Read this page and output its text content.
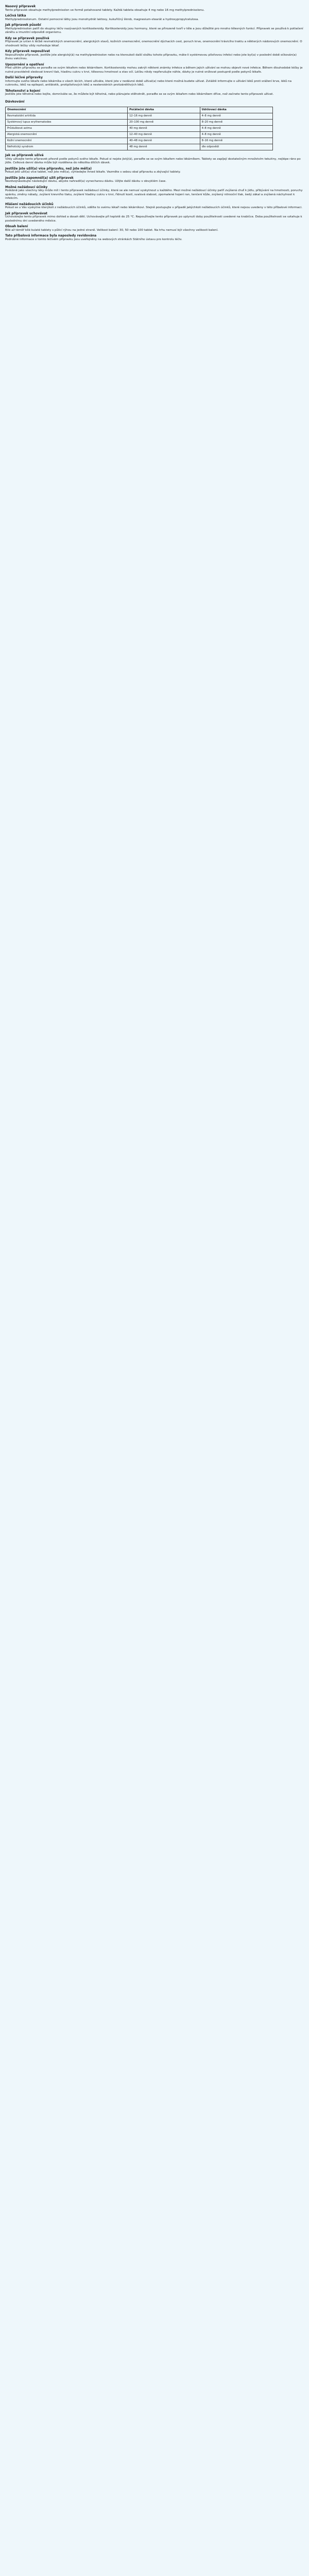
Nasový přípravek
Tento přípravek obsahuje methylprednisolon ve formě potahované tablety. Každá tableta obsahuje 4 mg nebo 16 mg methylprednisolonu.
Léčivá látka
Methylprednisolonum. Ostatní pomocné látky jsou monohydrát laktosy, kukuřičný škrob, magnesium-stearát a hydroxypropylcelulosa.
Jak přípravek působí
Methylprednisolon patří do skupiny léčiv nazývaných kortikosteroidy. Kortikosteroidy jsou hormony, které se přirozeně tvoří v těle a jsou důležité pro mnoho tělesných funkcí. Přípravek se používá k potlačení zánětu a imunitní odpovědi organismu.
Kdy se přípravek používá
Přípravek je určen k léčbě revmatických onemocnění, alergických stavů, kožních onemocnění, onemocnění dýchacích cest, poruch krve, onemocnění trávicího traktu a některých nádorových onemocnění. O vhodnosti léčby vždy rozhoduje lékař.
Kdy přípravek nepoužívat
Nepoužívejte přípravek, jestliže jste alergický(á) na methylprednisolon nebo na kteroukoli další složku tohoto přípravku, máte-li systémovou plísňovou infekci nebo jste byl(a) v poslední době očkován(a) živou vakcínou.
Upozornění a opatření
Před užitím přípravku se poraďte se svým lékařem nebo lékárníkem. Kortikosteroidy mohou zakrýt některé známky infekce a během jejich užívání se mohou objevit nové infekce. Během dlouhodobé léčby je nutné pravidelně sledovat krevní tlak, hladinu cukru v krvi, tělesnou hmotnost a stav očí. Léčbu nikdy nepřerušujte náhle, dávky je nutné snižovat postupně podle pokynů lékaře.
Další léčivé přípravky
Informujte svého lékaře nebo lékárníka o všech lécích, které užíváte, které jste v nedávné době užíval(a) nebo které možná budete užívat. Zvláště informujte o užívání léků proti srážení krve, léků na cukrovku, léků na epilepsii, antibiotik, protiplísňových léků a nesteroidních protizánětlivých léků.
Těhotenství a kojení
Jestliže jste těhotná nebo kojíte, domníváte se, že můžete být těhotná, nebo plánujete otěhotnět, poraďte se se svým lékařem nebo lékárníkem dříve, než začnete tento přípravek užívat.
Dávkování
Onemocnění	Počáteční dávka	Udržovací dávka
Revmatoidní artritida	12–16 mg denně	4–8 mg denně
Systémový lupus erythematodes	20–100 mg denně	8–20 mg denně
Průduškové astma	40 mg denně	4–8 mg denně
Alergická onemocnění	12–40 mg denně	4–8 mg denně
Kožní onemocnění	40–48 mg denně	8–16 mg denně
Nefrotický syndrom	48 mg denně	dle odpovědi
Jak se přípravek užívá
Vždy užívejte tento přípravek přesně podle pokynů svého lékaře. Pokud si nejste jistý(á), poraďte se se svým lékařem nebo lékárníkem. Tablety se zapíjejí dostatečným množstvím tekutiny, nejlépe ráno po jídle. Celková denní dávka může být rozdělena do několika dílčích dávek.
Jestliže jste užil(a) více přípravku, než jste měl(a)
Pokud jste užil(a) více tablet, než jste měl(a), vyhledejte ihned lékaře. Vezměte s sebou obal přípravku a zbývající tablety.
Jestliže jste zapomněl(a) užít přípravek
Nezdvojnásobujte následující dávku, abyste nahradil(a) vynechanou dávku. Užijte další dávku v obvyklém čase.
Možné nežádoucí účinky
Podobně jako všechny léky může mít i tento přípravek nežádoucí účinky, které se ale nemusí vyskytnout u každého. Mezi možné nežádoucí účinky patří zvýšená chuť k jídlu, přibývání na hmotnosti, poruchy spánku, změny nálady, zvýšení krevního tlaku, zvýšení hladiny cukru v krvi, řídnutí kostí, svalová slabost, zpomalené hojení ran, tenčení kůže, zvýšený nitrooční tlak, šedý zákal a zvýšená náchylnost k infekcím.
Hlášení nežádoucích účinků
Pokud se u Vás vyskytne kterýkoli z nežádoucích účinků, sdělte to svému lékaři nebo lékárníkovi. Stejně postupujte v případě jakýchkoli nežádoucích účinků, které nejsou uvedeny v této příbalové informaci.
Jak přípravek uchovávat
Uchovávejte tento přípravek mimo dohled a dosah dětí. Uchovávejte při teplotě do 25 °C. Nepoužívejte tento přípravek po uplynutí doby použitelnosti uvedené na krabičce. Doba použitelnosti se vztahuje k poslednímu dni uvedeného měsíce.
Obsah balení
Bílé až téměř bílé kulaté tablety s půlicí rýhou na jedné straně. Velikost balení: 30, 50 nebo 100 tablet. Na trhu nemusí být všechny velikosti balení.
Tato příbalová informace byla naposledy revidována
Podrobné informace o tomto léčivém přípravku jsou uveřejněny na webových stránkách Státního ústavu pro kontrolu léčiv.
